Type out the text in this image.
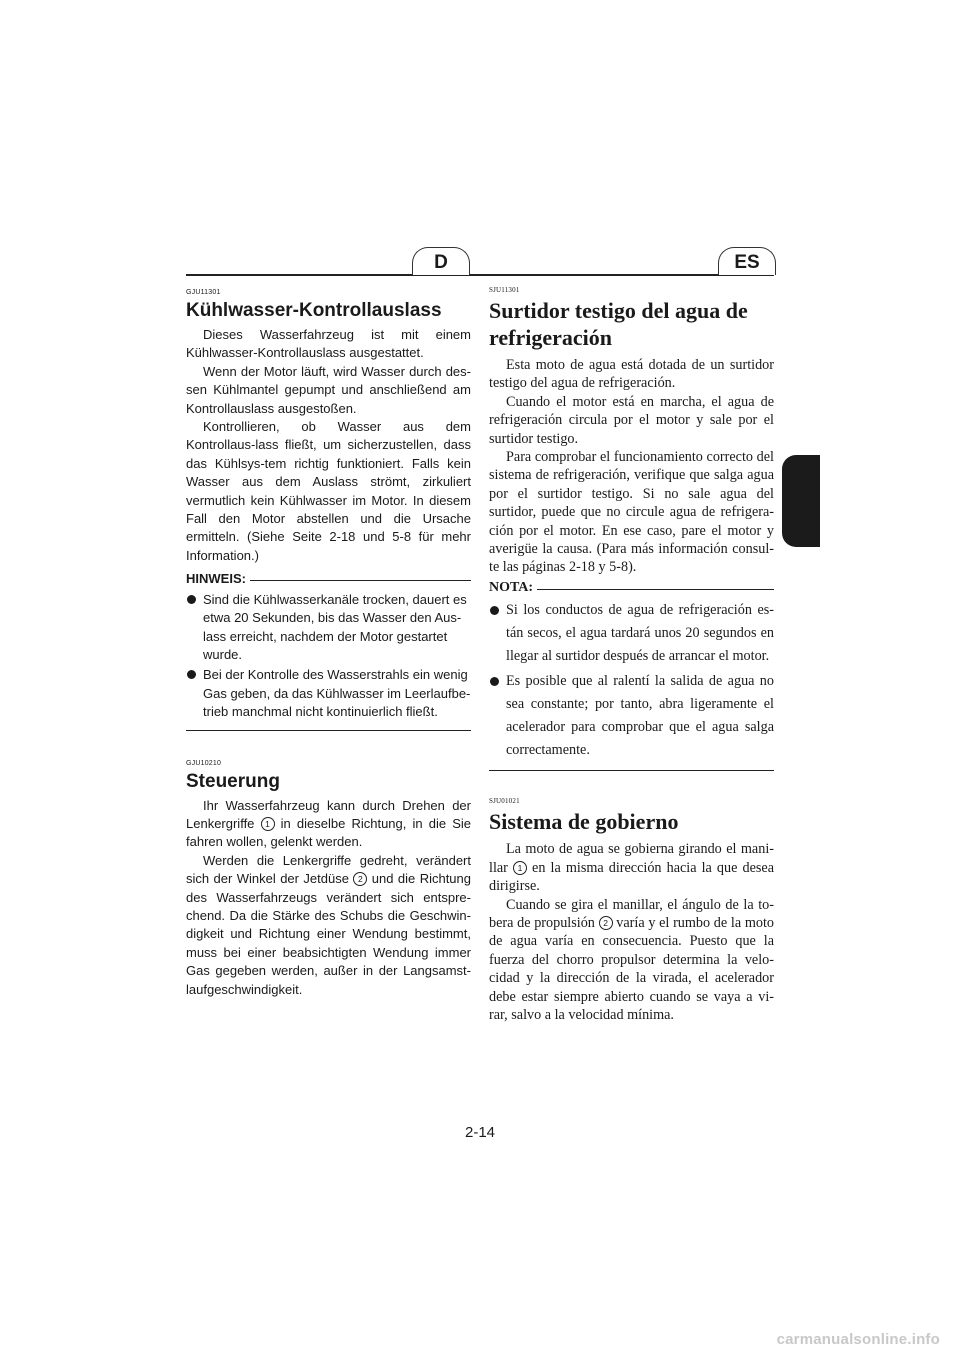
D	ES
GJU11301
Kühlwasser-Kontrollauslass

Dieses Wasserfahrzeug ist mit einem Kühlwasser-Kontrollauslass ausgestattet.

Wenn der Motor läuft, wird Wasser durch des-sen Kühlmantel gepumpt und anschließend am Kontrollauslass ausgestoßen.

Kontrollieren, ob Wasser aus dem Kontrollaus-lass fließt, um sicherzustellen, dass das Kühlsys-tem richtig funktioniert. Falls kein Wasser aus dem Auslass strömt, zirkuliert vermutlich kein Kühlwasser im Motor. In diesem Fall den Motor abstellen und die Ursache ermitteln. (Siehe Seite 2-18 und 5-8 für mehr Information.)

HINWEIS:
Sind die Kühlwasserkanäle trocken, dauert es etwa 20 Sekunden, bis das Wasser den Aus-lass erreicht, nachdem der Motor gestartet wurde.
Bei der Kontrolle des Wasserstrahls ein wenig Gas geben, da das Kühlwasser im Leerlaufbe-trieb manchmal nicht kontinuierlich fließt.
GJU10210
Steuerung

Ihr Wasserfahrzeug kann durch Drehen der Lenkergriffe 1 in dieselbe Richtung, in die Sie fahren wollen, gelenkt werden.

Werden die Lenkergriffe gedreht, verändert sich der Winkel der Jetdüse 2 und die Richtung des Wasserfahrzeugs verändert sich entspre-chend. Da die Stärke des Schubs die Geschwin-digkeit und Richtung einer Wendung bestimmt, muss bei einer beabsichtigten Wendung immer Gas gegeben werden, außer in der Langsamst-laufgeschwindigkeit.

SJU11301
Surtidor testigo del agua de refrigeración

Esta moto de agua está dotada de un surtidor testigo del agua de refrigeración.

Cuando el motor está en marcha, el agua de refrigeración circula por el motor y sale por el surtidor testigo.

Para comprobar el funcionamiento correcto del sistema de refrigeración, verifique que salga agua por el surtidor testigo. Si no sale agua del surtidor, puede que no circule agua de refrigera-ción por el motor. En ese caso, pare el motor y averigüe la causa. (Para más información consul-te las páginas 2-18 y 5-8).

NOTA:
Si los conductos de agua de refrigeración es-tán secos, el agua tardará unos 20 segundos en llegar al surtidor después de arrancar el motor.
Es posible que al ralentí la salida de agua no sea constante; por tanto, abra ligeramente el acelerador para comprobar que el agua salga correctamente.
SJU01021
Sistema de gobierno

La moto de agua se gobierna girando el mani-llar 1 en la misma dirección hacia la que desea dirigirse.

Cuando se gira el manillar, el ángulo de la to-bera de propulsión 2 varía y el rumbo de la moto de agua varía en consecuencia. Puesto que la fuerza del chorro propulsor determina la velo-cidad y la dirección de la virada, el acelerador debe estar siempre abierto cuando se vaya a vi-rar, salvo a la velocidad mínima.

2-14
carmanualsonline.info
